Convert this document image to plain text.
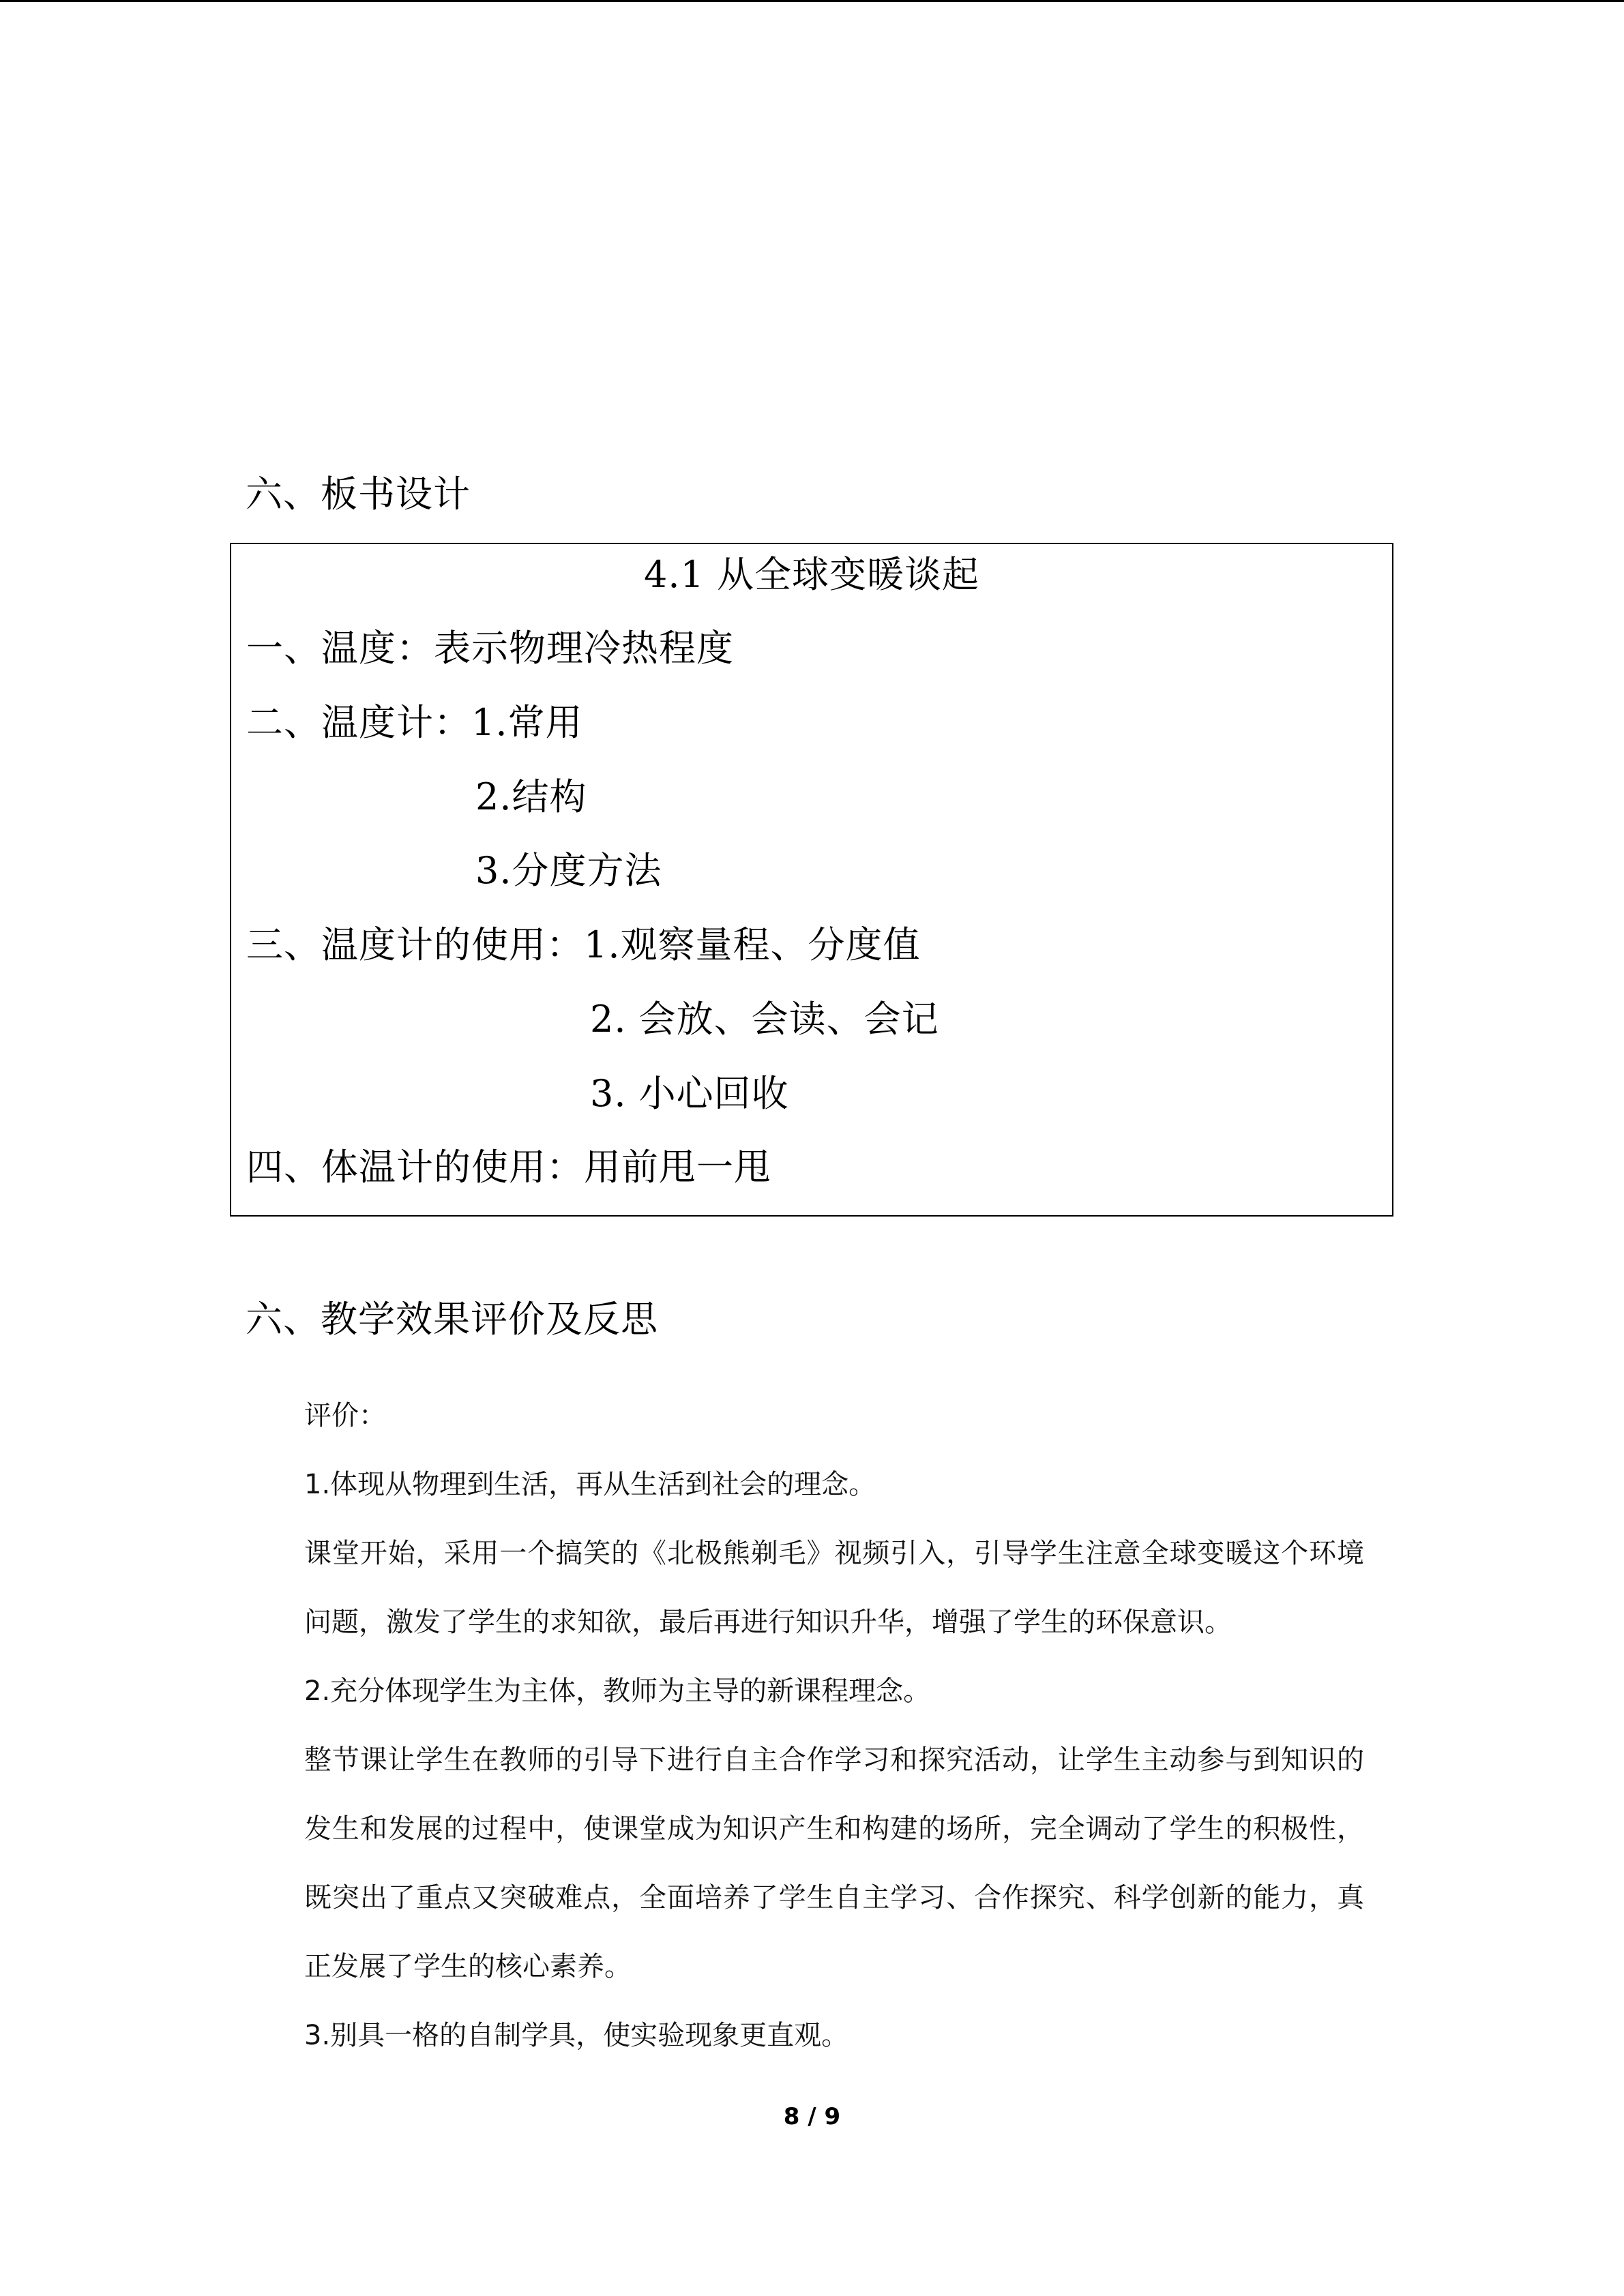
六、板书设计
4.1 从全球变暖谈起
一、温度：表示物理冷热程度
二、温度计：1.常用
2.结构
3.分度方法
三、温度计的使用：1.观察量程、分度值
2. 会放、会读、会记
3. 小心回收
四、体温计的使用：用前甩一甩
六、教学效果评价及反思

评价：

1.体现从物理到生活，再从生活到社会的理念。

课堂开始，采用一个搞笑的《北极熊剃毛》视频引入，引导学生注意全球变暖这个环境问题，激发了学生的求知欲，最后再进行知识升华，增强了学生的环保意识。

2.充分体现学生为主体，教师为主导的新课程理念。

整节课让学生在教师的引导下进行自主合作学习和探究活动，让学生主动参与到知识的发生和发展的过程中，使课堂成为知识产生和构建的场所，完全调动了学生的积极性，既突出了重点又突破难点，全面培养了学生自主学习、合作探究、科学创新的能力，真正发展了学生的核心素养。

3.别具一格的自制学具，使实验现象更直观。

8 / 9
